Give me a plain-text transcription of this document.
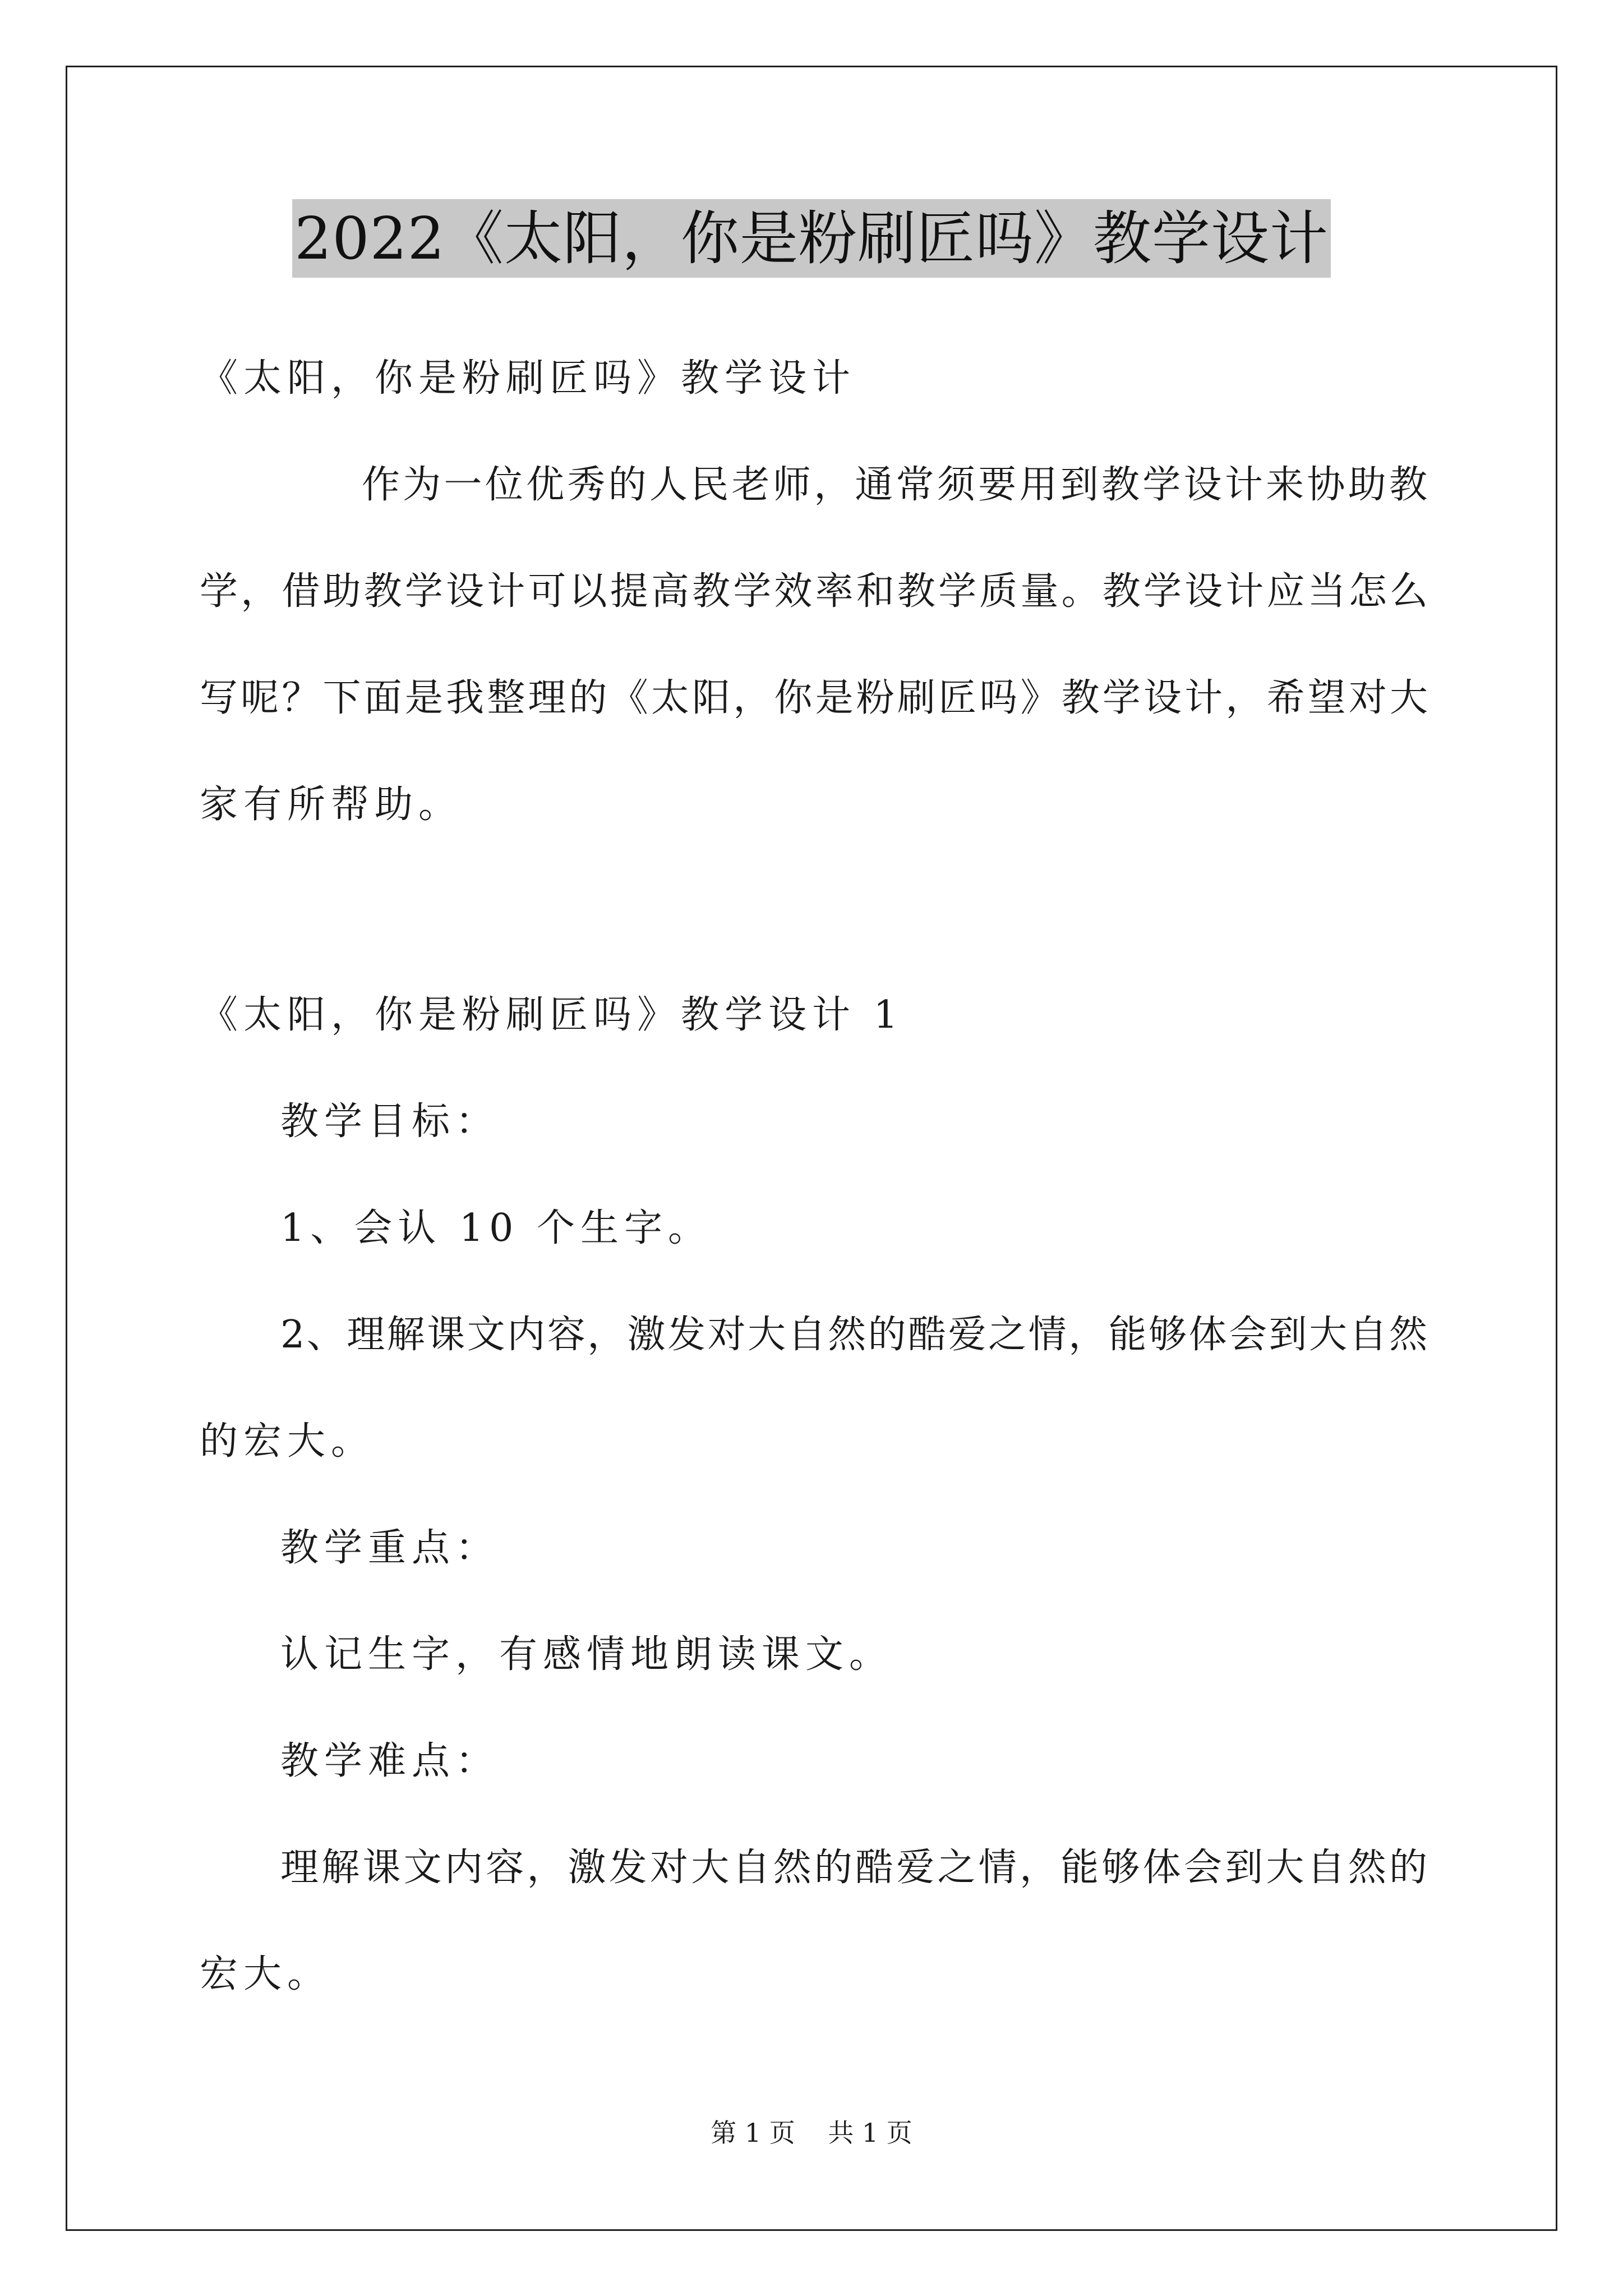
2022《太阳，你是粉刷匠吗》教学设计
《太阳，你是粉刷匠吗》教学设计
作为一位优秀的人民老师，通常须要用到教学设计来协助教
学，借助教学设计可以提高教学效率和教学质量。教学设计应当怎么
写呢？下面是我整理的《太阳，你是粉刷匠吗》教学设计，希望对大
家有所帮助。
《太阳，你是粉刷匠吗》教学设计 1
教学目标：
1、会认 10 个生字。
2、理解课文内容，激发对大自然的酷爱之情，能够体会到大自然
的宏大。
教学重点：
认记生字，有感情地朗读课文。
教学难点：
理解课文内容，激发对大自然的酷爱之情，能够体会到大自然的
宏大。
第 1 页    共 1 页
